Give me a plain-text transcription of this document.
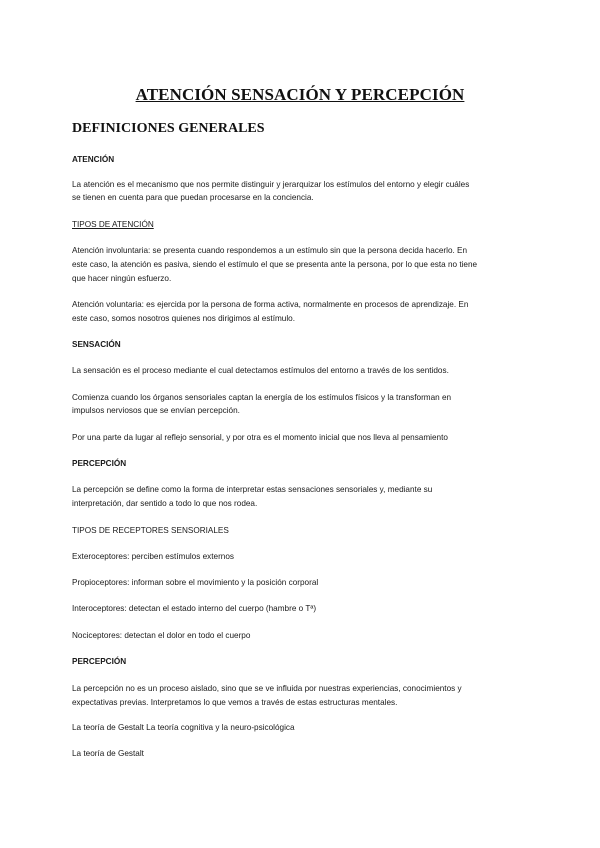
ATENCIÓN SENSACIÓN Y PERCEPCIÓN
DEFINICIONES GENERALES

ATENCIÓN

La atención es el mecanismo que nos permite distinguir y jerarquizar los estímulos del entorno y elegir cuáles

se tienen en cuenta para que puedan procesarse en la conciencia.

TIPOS DE ATENCIÓN

Atención involuntaria: se presenta cuando respondemos a un estímulo sin que la persona decida hacerlo. En

este caso, la atención es pasiva, siendo el estímulo el que se presenta ante la persona, por lo que esta no tiene

que hacer ningún esfuerzo.

Atención voluntaria: es ejercida por la persona de forma activa, normalmente en procesos de aprendizaje. En

este caso, somos nosotros quienes nos dirigimos al estímulo.

SENSACIÓN

La sensación es el proceso mediante el cual detectamos estímulos del entorno a través de los sentidos.

Comienza cuando los órganos sensoriales captan la energía de los estímulos físicos y la transforman en

impulsos nerviosos que se envían percepción.

Por una parte da lugar al reflejo sensorial, y por otra es el momento inicial que nos lleva al pensamiento

PERCEPCIÓN

La percepción se define como la forma de interpretar estas sensaciones sensoriales y, mediante su

interpretación, dar sentido a todo lo que nos rodea.

TIPOS DE RECEPTORES SENSORIALES

Exteroceptores: perciben estímulos externos

Propioceptores: informan sobre el movimiento y la posición corporal

Interoceptores: detectan el estado interno del cuerpo (hambre o Tª)

Nociceptores: detectan el dolor en todo el cuerpo

PERCEPCIÓN

La percepción no es un proceso aislado, sino que se ve influida por nuestras experiencias, conocimientos y

expectativas previas. Interpretamos lo que vemos a través de estas estructuras mentales.

La teoría de Gestalt La teoría cognitiva y la neuro-psicológica

La teoría de Gestalt
